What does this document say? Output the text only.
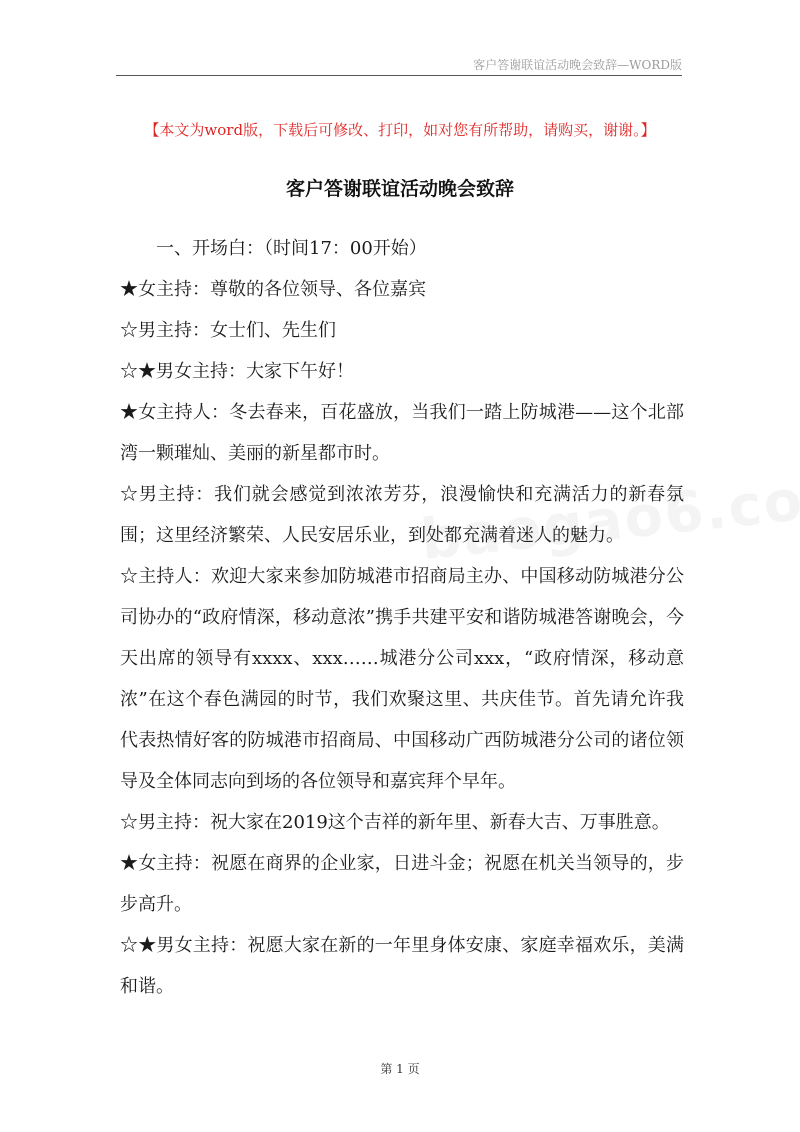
客户答谢联谊活动晚会致辞—WORD版
【本文为word版，下载后可修改、打印，如对您有所帮助，请购买，谢谢。】
客户答谢联谊活动晚会致辞

一、开场白：（时间17：00开始）

★女主持：尊敬的各位领导、各位嘉宾

☆男主持：女士们、先生们

☆★男女主持：大家下午好！

★女主持人：冬去春来，百花盛放，当我们一踏上防城港——这个北部湾一颗璀灿、美丽的新星都市时。

☆男主持：我们就会感觉到浓浓芳芬，浪漫愉快和充满活力的新春氛围；这里经济繁荣、人民安居乐业，到处都充满着迷人的魅力。

☆主持人：欢迎大家来参加防城港市招商局主办、中国移动防城港分公司协办的“政府情深，移动意浓”携手共建平安和谐防城港答谢晚会，今天出席的领导有xxxx、xxx……城港分公司xxx，“政府情深，移动意浓”在这个春色满园的时节，我们欢聚这里、共庆佳节。首先请允许我代表热情好客的防城港市招商局、中国移动广西防城港分公司的诸位领导及全体同志向到场的各位领导和嘉宾拜个早年。

☆男主持：祝大家在2019这个吉祥的新年里、新春大吉、万事胜意。

★女主持：祝愿在商界的企业家，日进斗金；祝愿在机关当领导的，步步高升。

☆★男女主持：祝愿大家在新的一年里身体安康、家庭幸福欢乐，美满和谐。

第 1 页
